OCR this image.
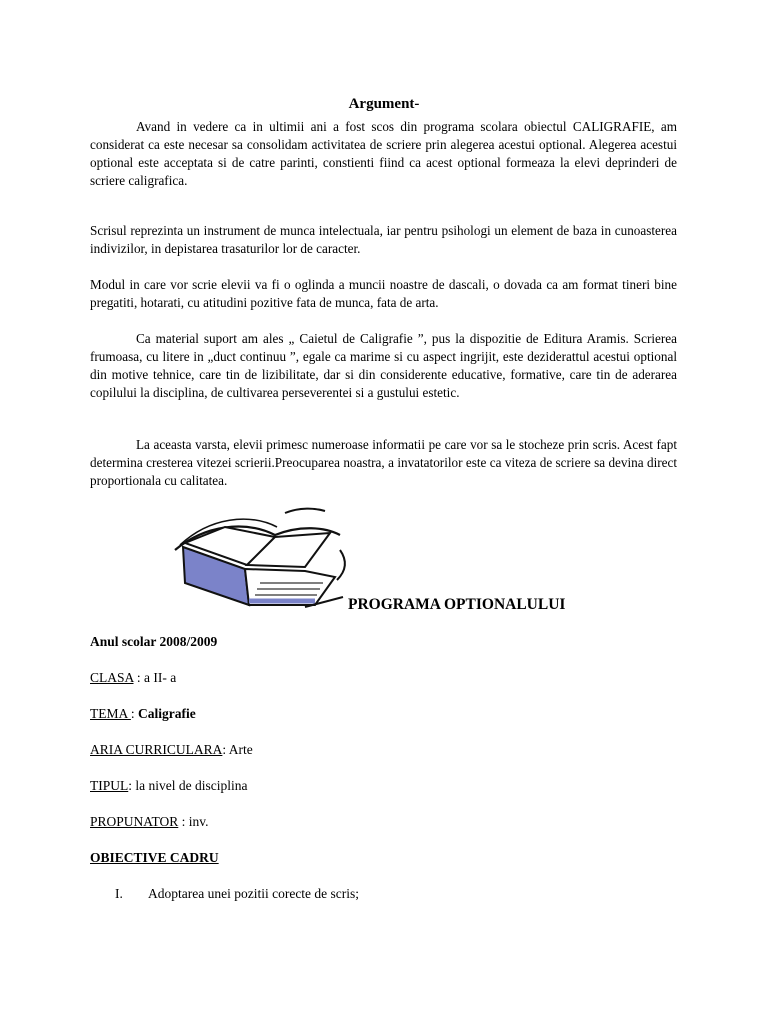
Argument-

Avand in vedere ca in ultimii ani a fost scos din programa scolara obiectul CALIGRAFIE, am considerat ca este necesar sa consolidam activitatea de scriere prin alegerea acestui optional. Alegerea acestui optional este acceptata si de catre parinti, constienti fiind ca acest optional formeaza la elevi deprinderi de scriere caligrafica.

Scrisul reprezinta un instrument de munca intelectuala, iar pentru psihologi un element de baza in cunoasterea indivizilor, in depistarea trasaturilor lor de caracter.

Modul in care vor scrie elevii va fi o oglinda a muncii noastre de dascali, o dovada ca am format tineri bine pregatiti, hotarati, cu atitudini pozitive fata de munca, fata de arta.

Ca material suport am ales „ Caietul de Caligrafie ”, pus la dispozitie de Editura Aramis. Scrierea frumoasa, cu litere in „duct continuu ”, egale ca marime si cu aspect ingrijit, este deziderattul acestui optional din motive tehnice, care tin de lizibilitate, dar si din considerente educative, formative, care tin de aderarea copilului la disciplina, de cultivarea perseverentei si a gustului estetic.

La aceasta varsta, elevii primesc numeroase informatii pe care vor sa le stocheze prin scris. Acest fapt determina cresterea vitezei scrierii.Preocuparea noastra, a invatatorilor este ca viteza de scriere sa devina direct proportionala cu calitatea.

PROGRAMA OPTIONALULUI
Anul scolar 2008/2009
CLASA : a II- a
TEMA : Caligrafie
ARIA CURRICULARA: Arte
TIPUL: la nivel de disciplina
PROPUNATOR : inv.
OBIECTIVE CADRU
I. Adoptarea unei pozitii corecte de scris;
